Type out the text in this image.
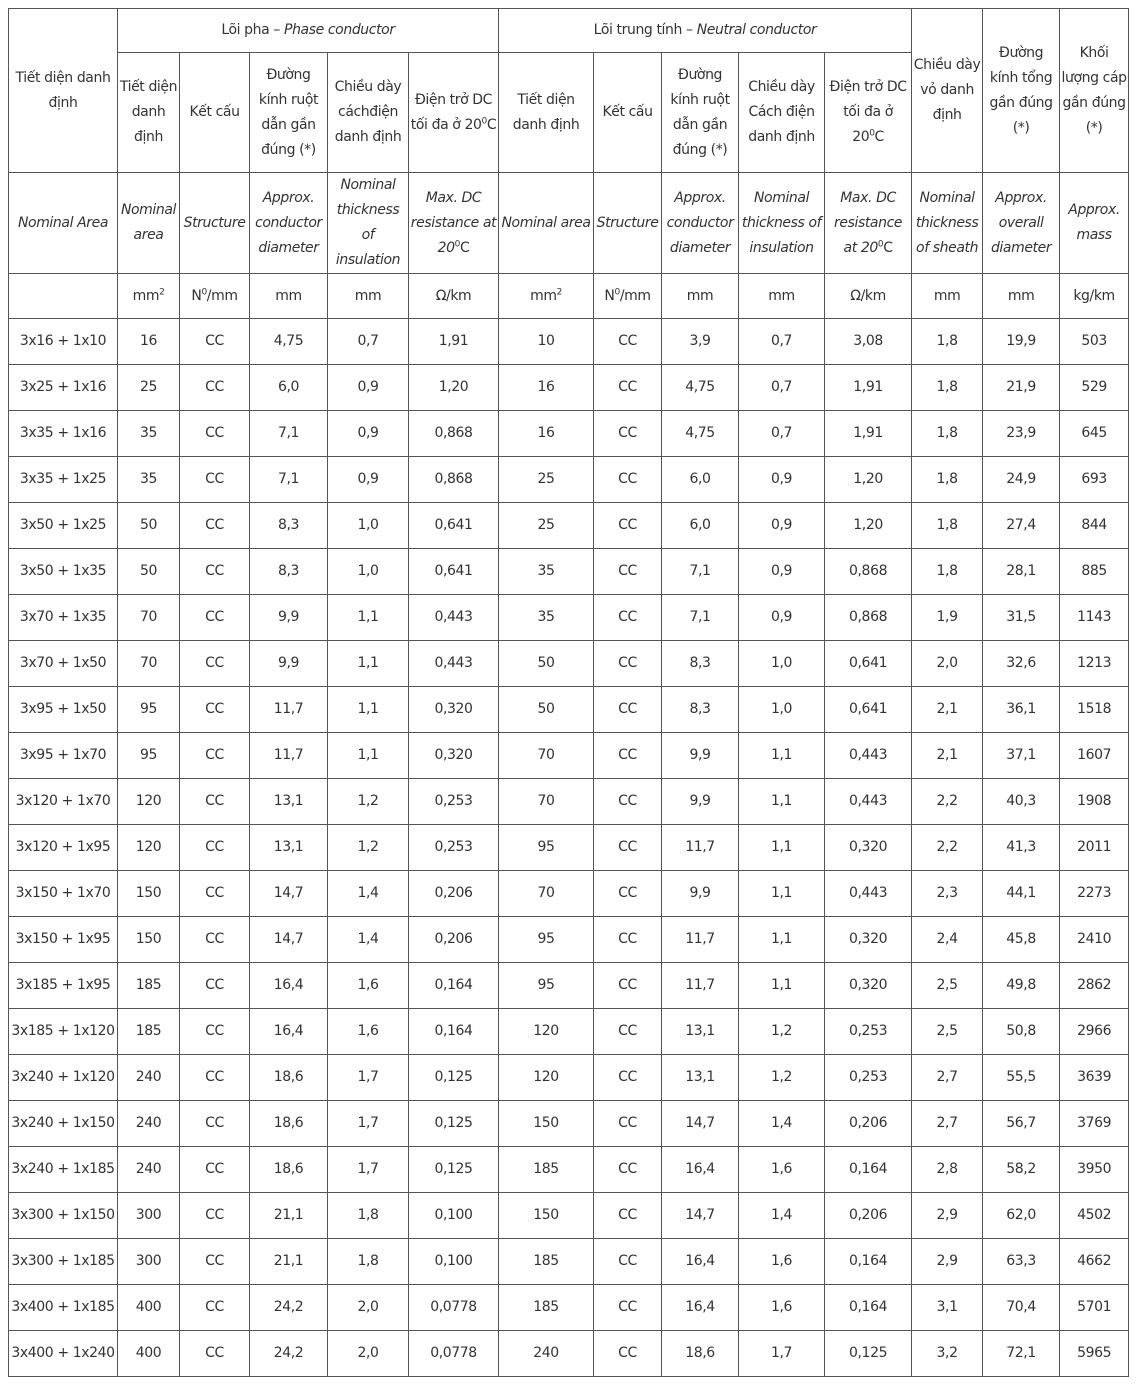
Tiết diện danh định	Lõi pha – Phase conductor					Lõi trung tính – Neutral conductor					Chiều dày vỏ danh định	Đường kính tổng gần đúng (*)	Khối lượng cáp gần đúng (*)
	Tiết diện danh định	Kết cấu	Đường kính ruột dẫn gần đúng (*)	Chiều dày cáchđiện danh định	Điện trở DC tối đa ở $20^0C$	Tiết diện danh định	Kết cấu	Đường kính ruột dẫn gần đúng (*)	Chiều dày Cách điện danh định	Điện trở DC tối đa ở $20^0C$			
Nominal Area	Nominal area	Structure	Approx. conductor diameter	Nominal thickness of insulation	Max. DC resistance at $20^0C$	Nominal area	Structure	Approx. conductor diameter	Nominal thickness of insulation	Max. DC resistance at $20^0C$	Nominal thickness of sheath	Approx. overall diameter	Approx. mass
	$mm^2$	$N^0/mm$	mm	mm	Ω/km	$mm^2$	$N^0/mm$	mm	mm	Ω/km	mm	mm	kg/km
3x16 + 1x10	16	CC	4,75	0,7	1,91	10	CC	3,9	0,7	3,08	1,8	19,9	503
3x25 + 1x16	25	CC	6,0	0,9	1,20	16	CC	4,75	0,7	1,91	1,8	21,9	529
3x35 + 1x16	35	CC	7,1	0,9	0,868	16	CC	4,75	0,7	1,91	1,8	23,9	645
3x35 + 1x25	35	CC	7,1	0,9	0,868	25	CC	6,0	0,9	1,20	1,8	24,9	693
3x50 + 1x25	50	CC	8,3	1,0	0,641	25	CC	6,0	0,9	1,20	1,8	27,4	844
3x50 + 1x35	50	CC	8,3	1,0	0,641	35	CC	7,1	0,9	0,868	1,8	28,1	885
3x70 + 1x35	70	CC	9,9	1,1	0,443	35	CC	7,1	0,9	0,868	1,9	31,5	1143
3x70 + 1x50	70	CC	9,9	1,1	0,443	50	CC	8,3	1,0	0,641	2,0	32,6	1213
3x95 + 1x50	95	CC	11,7	1,1	0,320	50	CC	8,3	1,0	0,641	2,1	36,1	1518
3x95 + 1x70	95	CC	11,7	1,1	0,320	70	CC	9,9	1,1	0,443	2,1	37,1	1607
3x120 + 1x70	120	CC	13,1	1,2	0,253	70	CC	9,9	1,1	0,443	2,2	40,3	1908
3x120 + 1x95	120	CC	13,1	1,2	0,253	95	CC	11,7	1,1	0,320	2,2	41,3	2011
3x150 + 1x70	150	CC	14,7	1,4	0,206	70	CC	9,9	1,1	0,443	2,3	44,1	2273
3x150 + 1x95	150	CC	14,7	1,4	0,206	95	CC	11,7	1,1	0,320	2,4	45,8	2410
3x185 + 1x95	185	CC	16,4	1,6	0,164	95	CC	11,7	1,1	0,320	2,5	49,8	2862
3x185 + 1x120	185	CC	16,4	1,6	0,164	120	CC	13,1	1,2	0,253	2,5	50,8	2966
3x240 + 1x120	240	CC	18,6	1,7	0,125	120	CC	13,1	1,2	0,253	2,7	55,5	3639
3x240 + 1x150	240	CC	18,6	1,7	0,125	150	CC	14,7	1,4	0,206	2,7	56,7	3769
3x240 + 1x185	240	CC	18,6	1,7	0,125	185	CC	16,4	1,6	0,164	2,8	58,2	3950
3x300 + 1x150	300	CC	21,1	1,8	0,100	150	CC	14,7	1,4	0,206	2,9	62,0	4502
3x300 + 1x185	300	CC	21,1	1,8	0,100	185	CC	16,4	1,6	0,164	2,9	63,3	4662
3x400 + 1x185	400	CC	24,2	2,0	0,0778	185	CC	16,4	1,6	0,164	3,1	70,4	5701
3x400 + 1x240	400	CC	24,2	2,0	0,0778	240	CC	18,6	1,7	0,125	3,2	72,1	5965
